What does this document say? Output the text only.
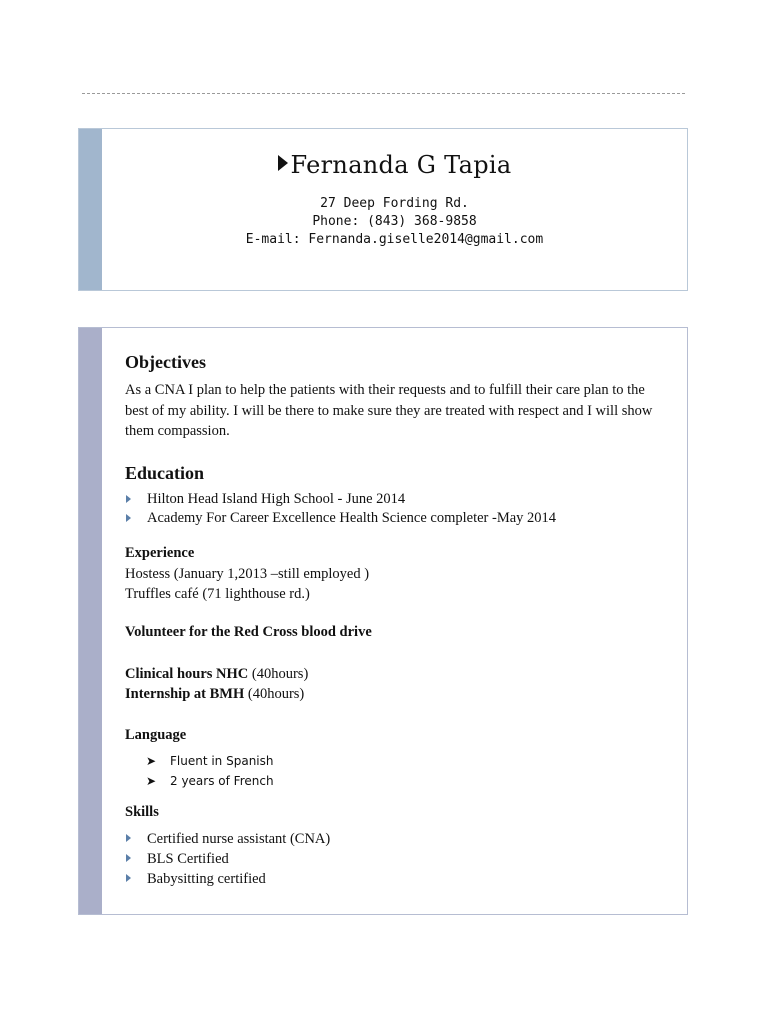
Fernanda G Tapia
27 Deep Fording Rd.
Phone: (843) 368-9858
E-mail: Fernanda.giselle2014@gmail.com
Objectives
As a CNA I plan to help the patients with their requests and to fulfill their care plan to the best of my ability. I will be there to make sure they are treated with respect and I will show them compassion.
Education
Hilton Head Island High School - June 2014
Academy For Career Excellence Health Science completer -May 2014
Experience
Hostess (January 1,2013 –still employed )
Truffles café (71 lighthouse rd.)
Volunteer for the Red Cross blood drive
Clinical hours NHC (40hours)
Internship at BMH (40hours)
Language
➤ Fluent in Spanish
➤ 2 years of French
Skills
Certified nurse assistant (CNA)
BLS Certified
Babysitting certified
